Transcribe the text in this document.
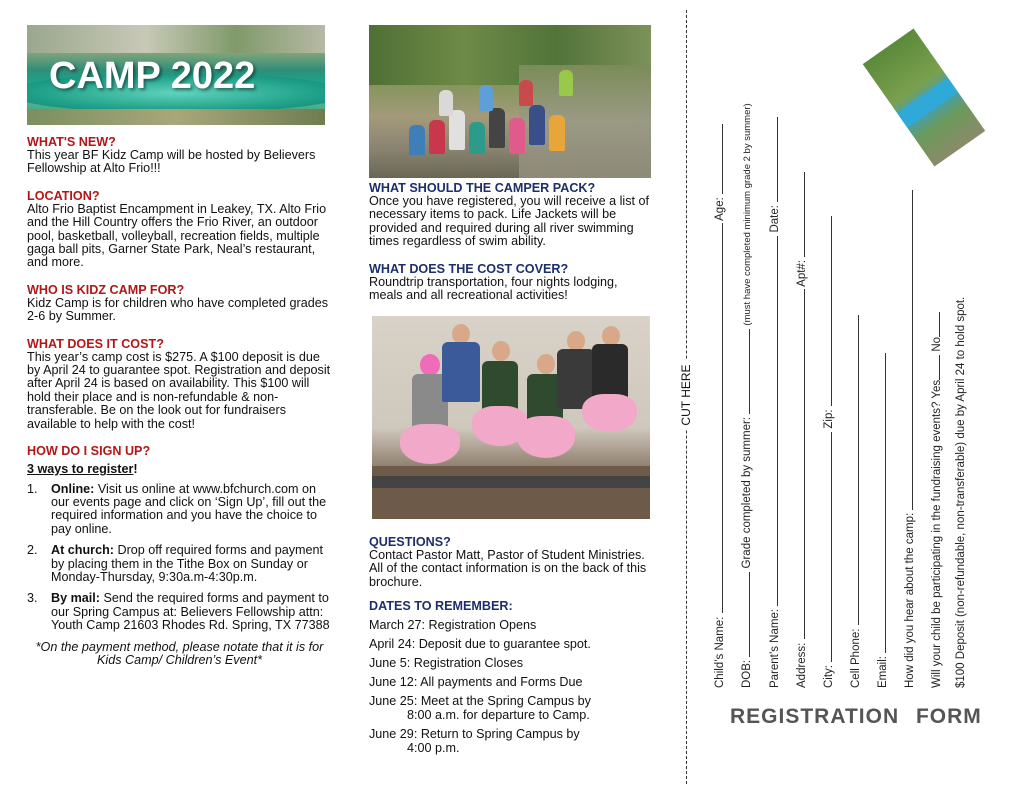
CAMP 2022

WHAT'S NEW?

This year BF Kidz Camp will be hosted by Believers Fellowship at Alto Frio!!!

LOCATION?

Alto Frio Baptist Encampment in Leakey, TX. Alto Frio and the Hill Country offers the Frio River, an outdoor pool, basketball, volleyball, recreation fields, multiple gaga ball pits, Garner State Park, Neal’s restaurant, and more.

WHO IS KIDZ CAMP FOR?

Kidz Camp is for children who have completed grades 2-6 by Summer.

WHAT DOES IT COST?

This year’s camp cost is $275. A $100 deposit is due by April 24 to guarantee spot. Registration and deposit after April 24 is based on availability. This $100 will hold their place and is non-refundable & non-transferable. Be on the look out for fundraisers available to help with the cost!

HOW DO I SIGN UP?

3 ways to register!

1. Online: Visit us online at www.bfchurch.com on our events page and click on ‘Sign Up’, fill out the required information and you have the choice to pay online.
2. At church: Drop off required forms and payment by placing them in the Tithe Box on Sunday or Monday-Thursday, 9:30a.m-4:30p.m.
3. By mail: Send the required forms and payment to our Spring Campus at: Believers Fellowship attn: Youth Camp 21603 Rhodes Rd. Spring, TX 77388

*On the payment method, please notate that it is for Kids Camp/ Children’s Event*

WHAT SHOULD THE CAMPER PACK?

Once you have registered, you will receive a list of necessary items to pack. Life Jackets will be provided and required during all river swimming times regardless of swim ability.

WHAT DOES THE COST COVER?

Roundtrip transportation, four nights lodging, meals and all recreational activities!

QUESTIONS?

Contact Pastor Matt, Pastor of Student Ministries. All of the contact information is on the back of this brochure.

DATES TO REMEMBER:

March 27: Registration Opens

April 24: Deposit due to guarantee spot.

June 5: Registration Closes

June 12: All payments and Forms Due

June 25: Meet at the Spring Campus by
8:00 a.m. for departure to Camp.

June 29: Return to Spring Campus by
4:00 p.m.

CUT HERE
Child’s Name:  Age:
DOB:  Grade completed by summer:  (must have completed minimum grade 2 by summer)
Parent’s Name:  Date:
Address:  Apt#:
City:  Zip:
Cell Phone: Email: How did you hear about the camp: Will your child be participating in the fundraising events? Yes No $100 Deposit (non-refundable, non-transferable) due by April 24 to hold spot.
REGISTRATION FORM
